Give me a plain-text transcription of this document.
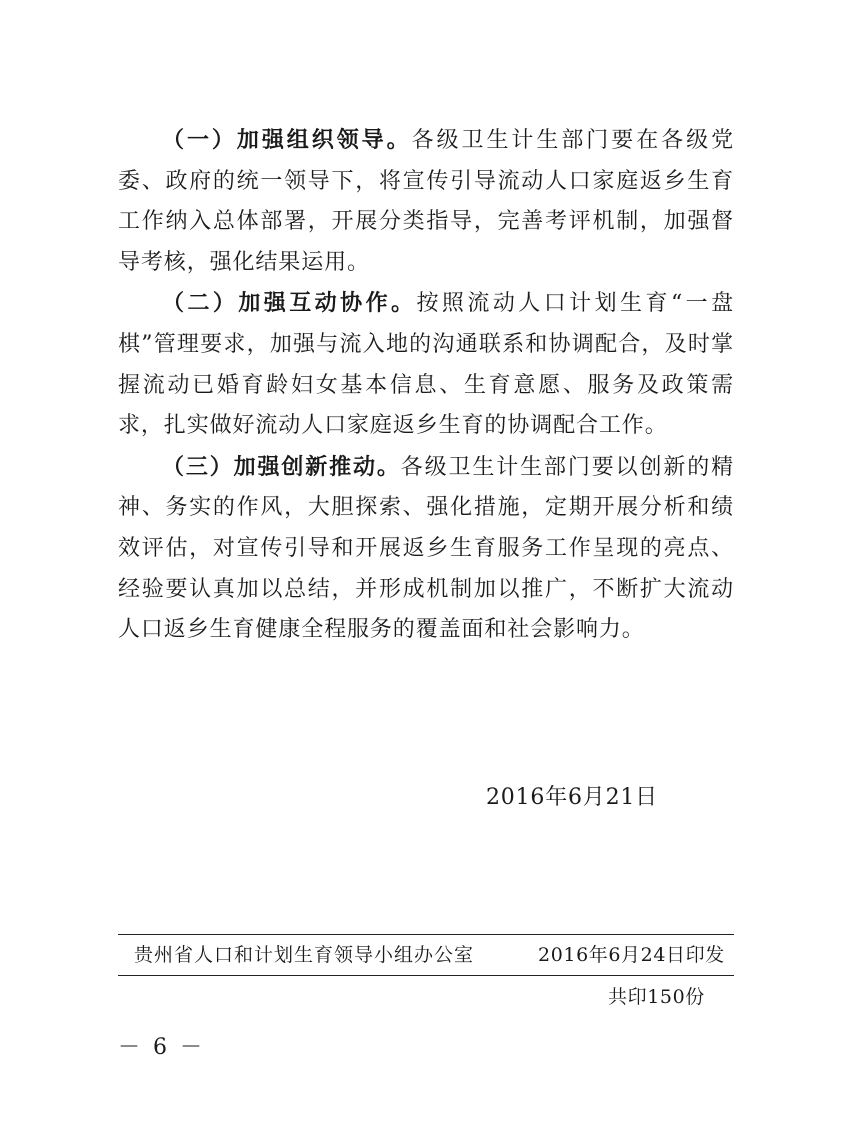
（一）加强组织领导。各级卫生计生部门要在各级党委、政府的统一领导下，将宣传引导流动人口家庭返乡生育工作纳入总体部署，开展分类指导，完善考评机制，加强督导考核，强化结果运用。

（二）加强互动协作。按照流动人口计划生育“一盘棋”管理要求，加强与流入地的沟通联系和协调配合，及时掌握流动已婚育龄妇女基本信息、生育意愿、服务及政策需求，扎实做好流动人口家庭返乡生育的协调配合工作。

（三）加强创新推动。各级卫生计生部门要以创新的精神、务实的作风，大胆探索、强化措施，定期开展分析和绩效评估，对宣传引导和开展返乡生育服务工作呈现的亮点、经验要认真加以总结，并形成机制加以推广，不断扩大流动人口返乡生育健康全程服务的覆盖面和社会影响力。

2016年6月21日
贵州省人口和计划生育领导小组办公室	2016年6月24日印发
共印150份
－ 6 －
